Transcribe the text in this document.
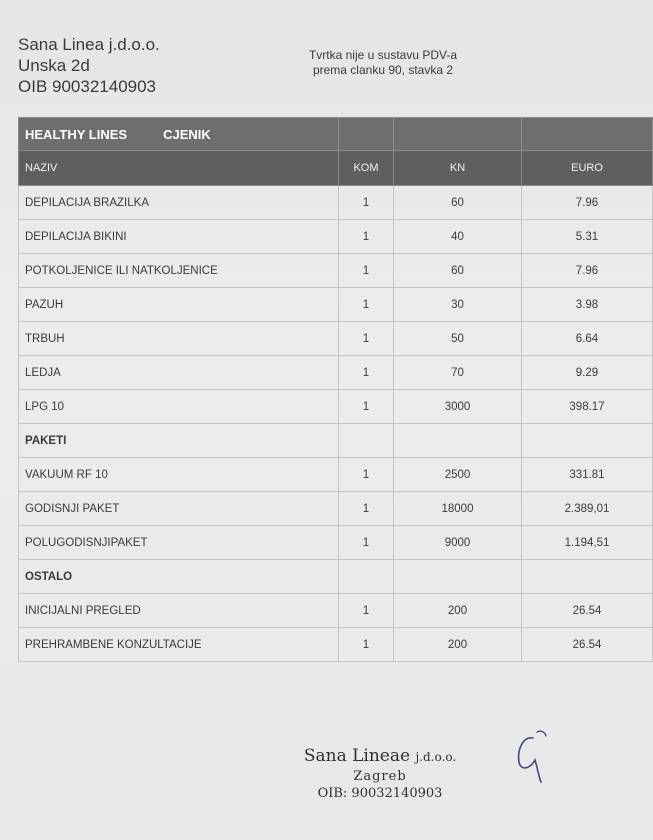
Sana Linea j.d.o.o.
Unska 2d
OIB 90032140903
Tvrtka nije u sustavu PDV-a
prema clanku 90, stavka 2
HEALTHY LINES CJENIK			
NAZIV	KOM	KN	EURO
DEPILACIJA BRAZILKA	1	60	7.96
DEPILACIJA BIKINI	1	40	5.31
POTKOLJENICE ILI NATKOLJENICE	1	60	7.96
PAZUH	1	30	3.98
TRBUH	1	50	6.64
LEDJA	1	70	9.29
LPG 10	1	3000	398.17
PAKETI			
VAKUUM RF 10	1	2500	331.81
GODISNJI PAKET	1	18000	2.389,01
POLUGODISNJIPAKET	1	9000	1.194,51
OSTALO			
INICIJALNI PREGLED	1	200	26.54
PREHRAMBENE KONZULTACIJE	1	200	26.54
Sana Lineae j.d.o.o.
Zagreb
OIB: 90032140903
